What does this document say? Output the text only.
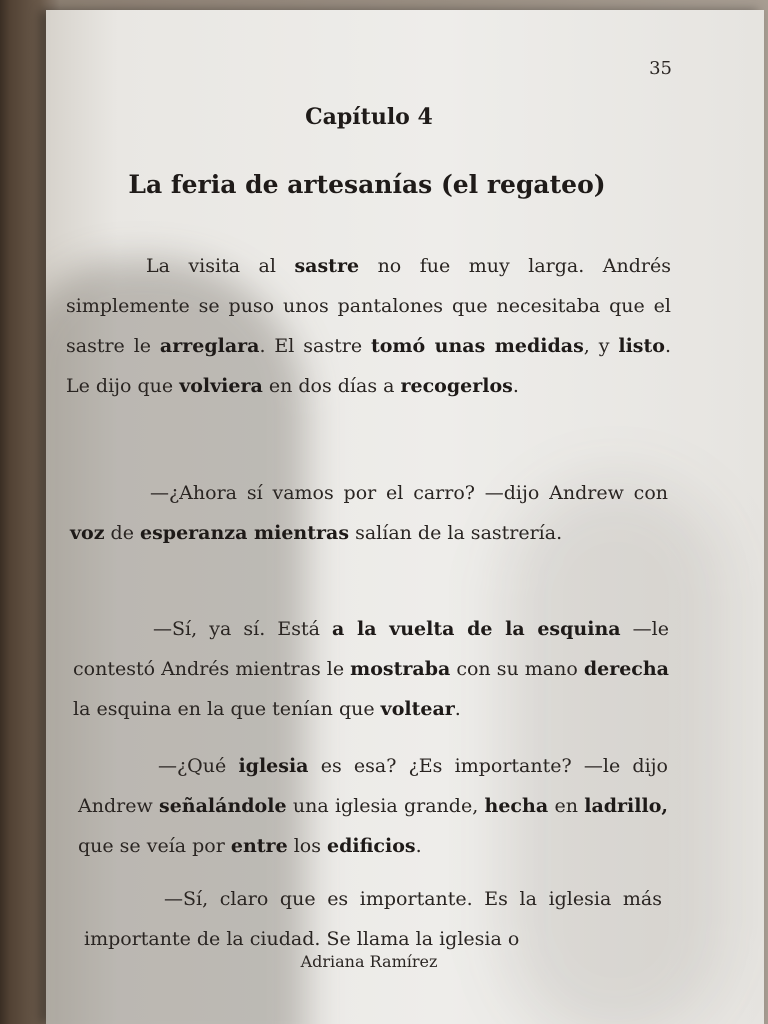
35
Capítulo 4
La feria de artesanías (el regateo)

La visita al sastre no fue muy larga. Andrés simplemente se puso unos pantalones que necesitaba que el sastre le arreglara. El sastre tomó unas medidas, y listo. Le dijo que volviera en dos días a recogerlos.

—¿Ahora sí vamos por el carro? —dijo Andrew con voz de esperanza mientras salían de la sastrería.

—Sí, ya sí. Está a la vuelta de la esquina —le contestó Andrés mientras le mostraba con su mano derecha la esquina en la que tenían que voltear.

—¿Qué iglesia es esa? ¿Es importante? —le dijo Andrew señalándole una iglesia grande, hecha en ladrillo, que se veía por entre los edificios.

—Sí, claro que es importante. Es la iglesia más importante de la ciudad. Se llama la iglesia o

Adriana Ramírez
